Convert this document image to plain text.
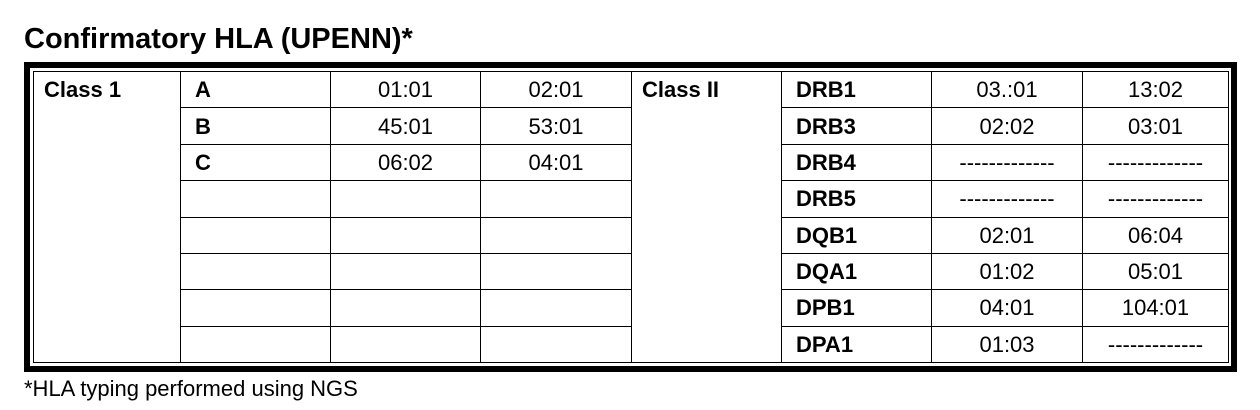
Confirmatory HLA (UPENN)*
Class 1	A	01:01	02:01	Class II	DRB1	03.:01	13:02
	B	45:01	53:01		DRB3	02:02	03:01
	C	06:02	04:01		DRB4	-------------	-------------
					DRB5	-------------	-------------
					DQB1	02:01	06:04
					DQA1	01:02	05:01
					DPB1	04:01	104:01
					DPA1	01:03	-------------
*HLA typing performed using NGS
